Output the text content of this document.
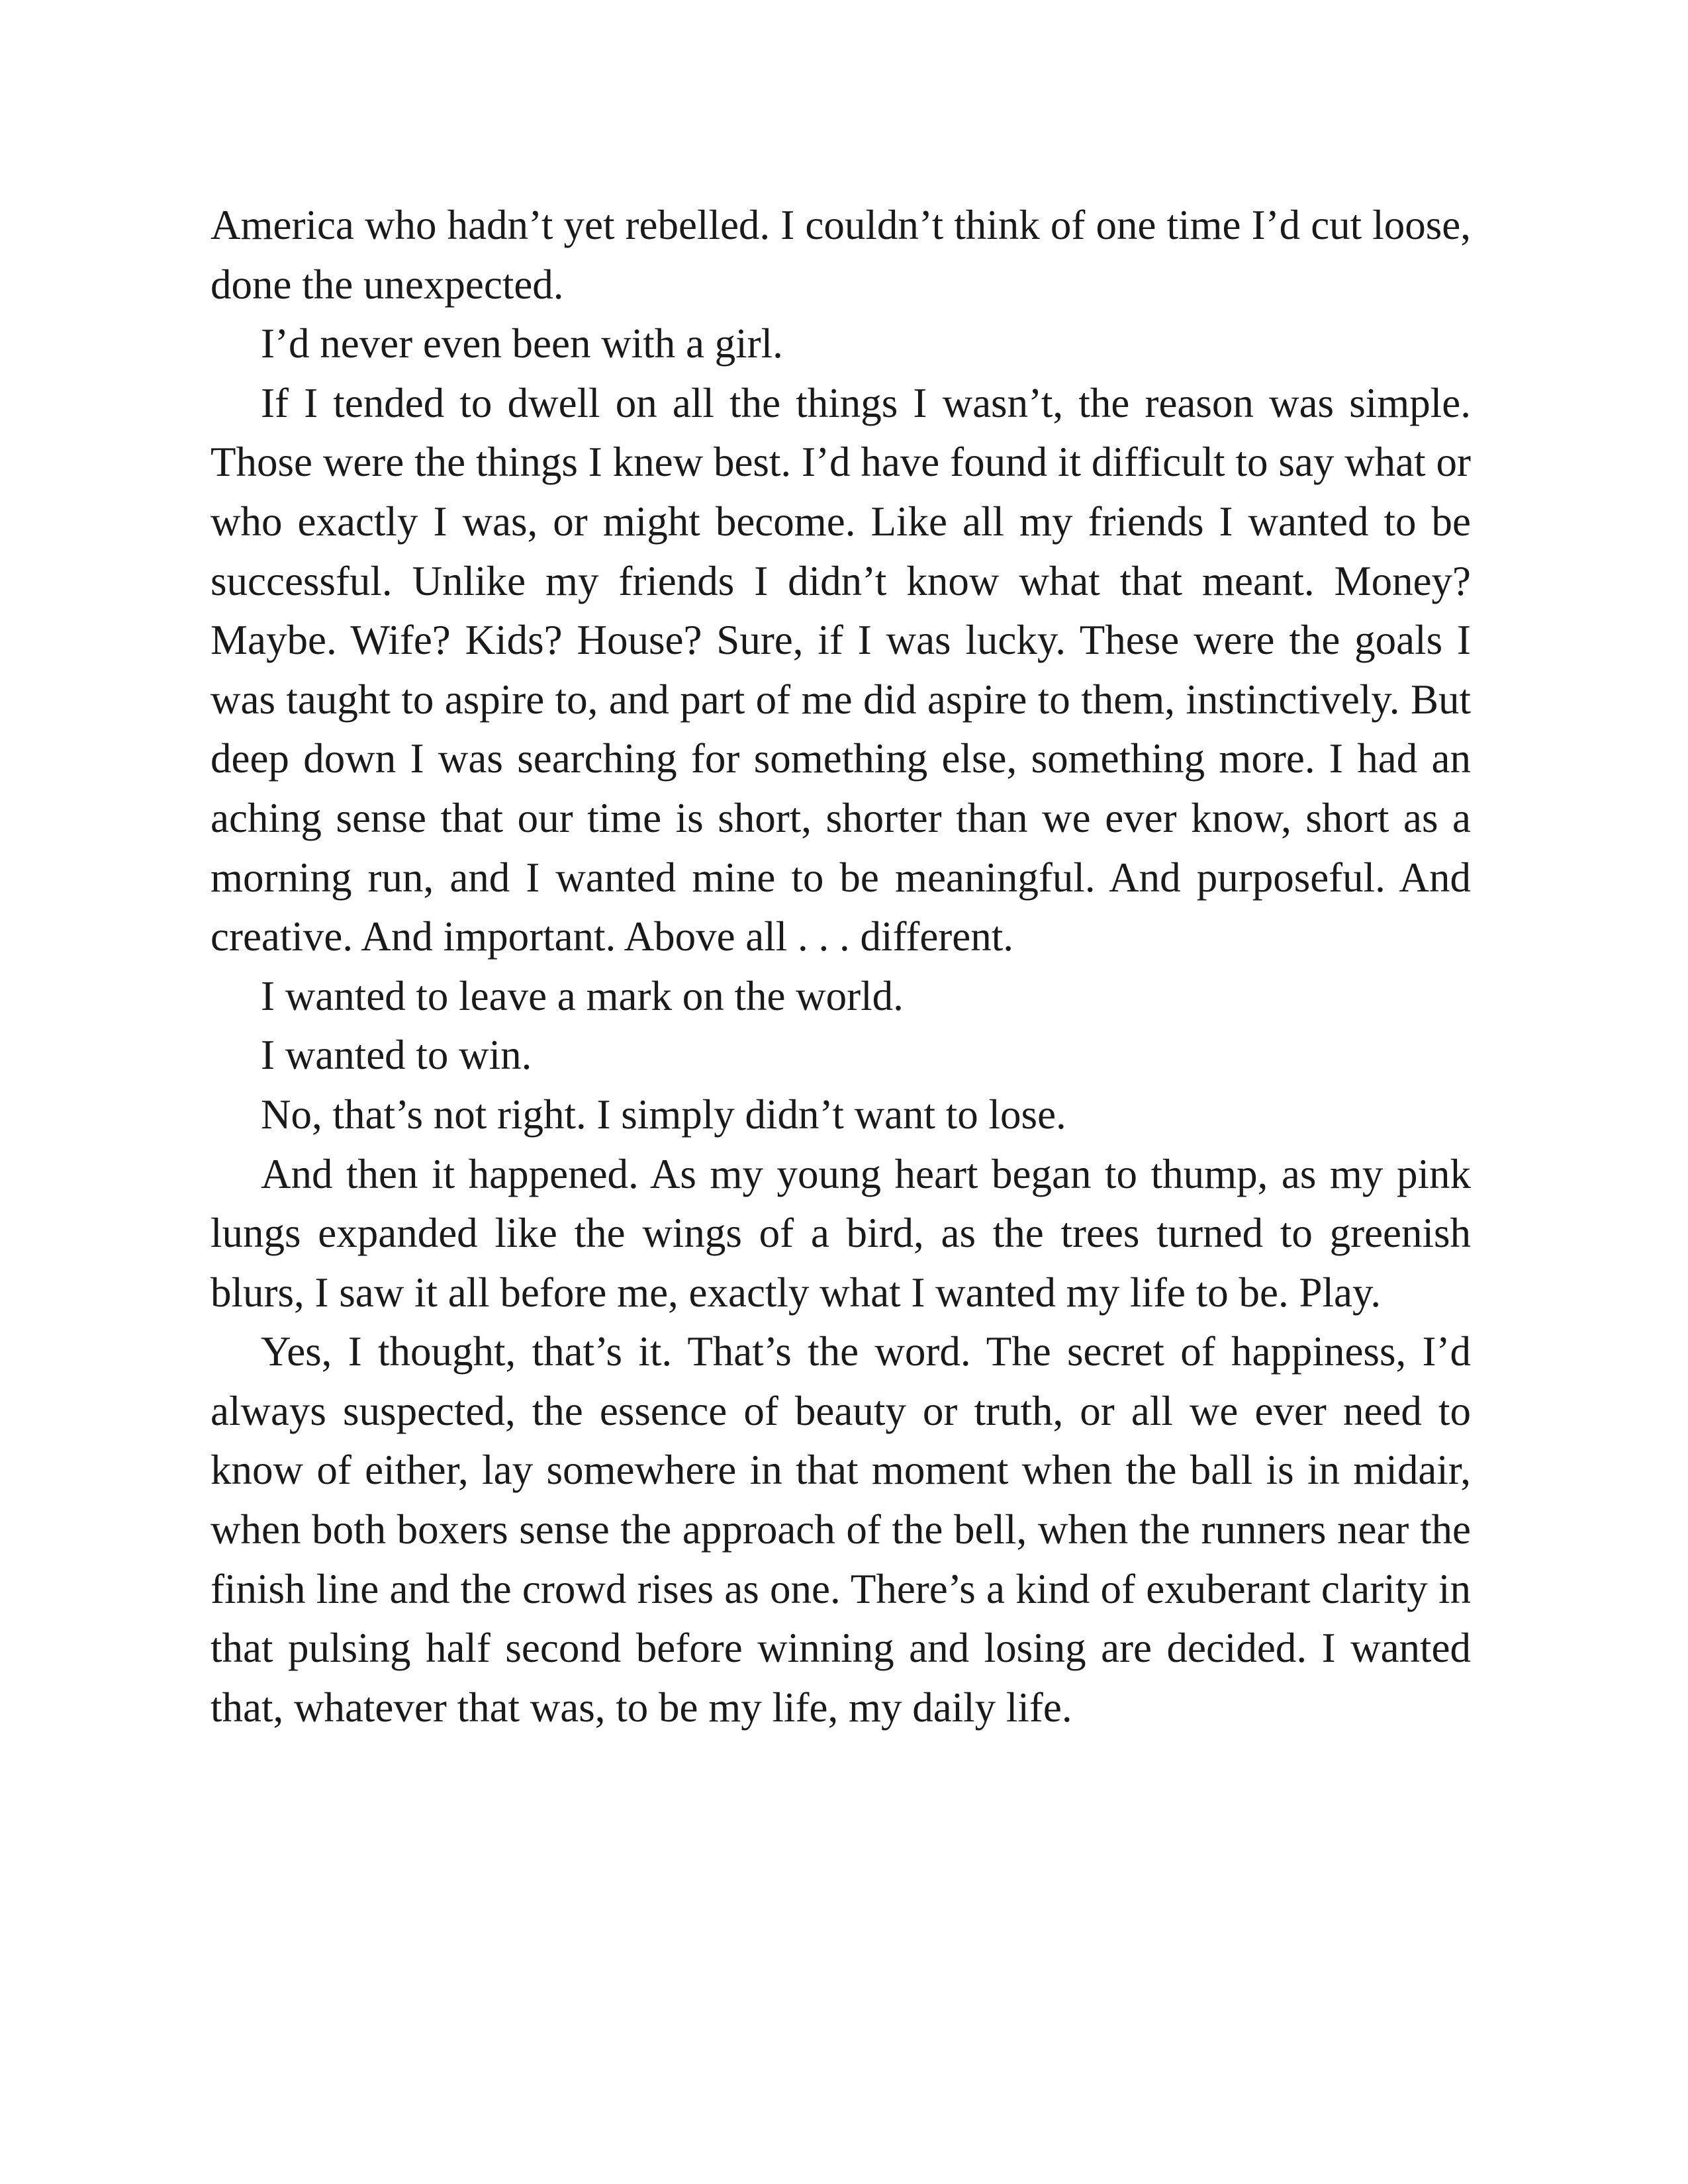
America who hadn’t yet rebelled. I couldn’t think of one time I’d cut loose, done the unexpected.

I’d never even been with a girl.

If I tended to dwell on all the things I wasn’t, the reason was simple. Those were the things I knew best. I’d have found it difficult to say what or who exactly I was, or might become. Like all my friends I wanted to be successful. Unlike my friends I didn’t know what that meant. Money? Maybe. Wife? Kids? House? Sure, if I was lucky. These were the goals I was taught to aspire to, and part of me did aspire to them, instinctively. But deep down I was searching for something else, something more. I had an aching sense that our time is short, shorter than we ever know, short as a morning run, and I wanted mine to be meaningful. And purposeful. And creative. And important. Above all . . . different.

I wanted to leave a mark on the world.

I wanted to win.

No, that’s not right. I simply didn’t want to lose.

And then it happened. As my young heart began to thump, as my pink lungs expanded like the wings of a bird, as the trees turned to greenish blurs, I saw it all before me, exactly what I wanted my life to be. Play.

Yes, I thought, that’s it. That’s the word. The secret of happiness, I’d always suspected, the essence of beauty or truth, or all we ever need to know of either, lay somewhere in that moment when the ball is in midair, when both boxers sense the approach of the bell, when the runners near the finish line and the crowd rises as one. There’s a kind of exuberant clarity in that pulsing half second before winning and losing are decided. I wanted that, whatever that was, to be my life, my daily life.
